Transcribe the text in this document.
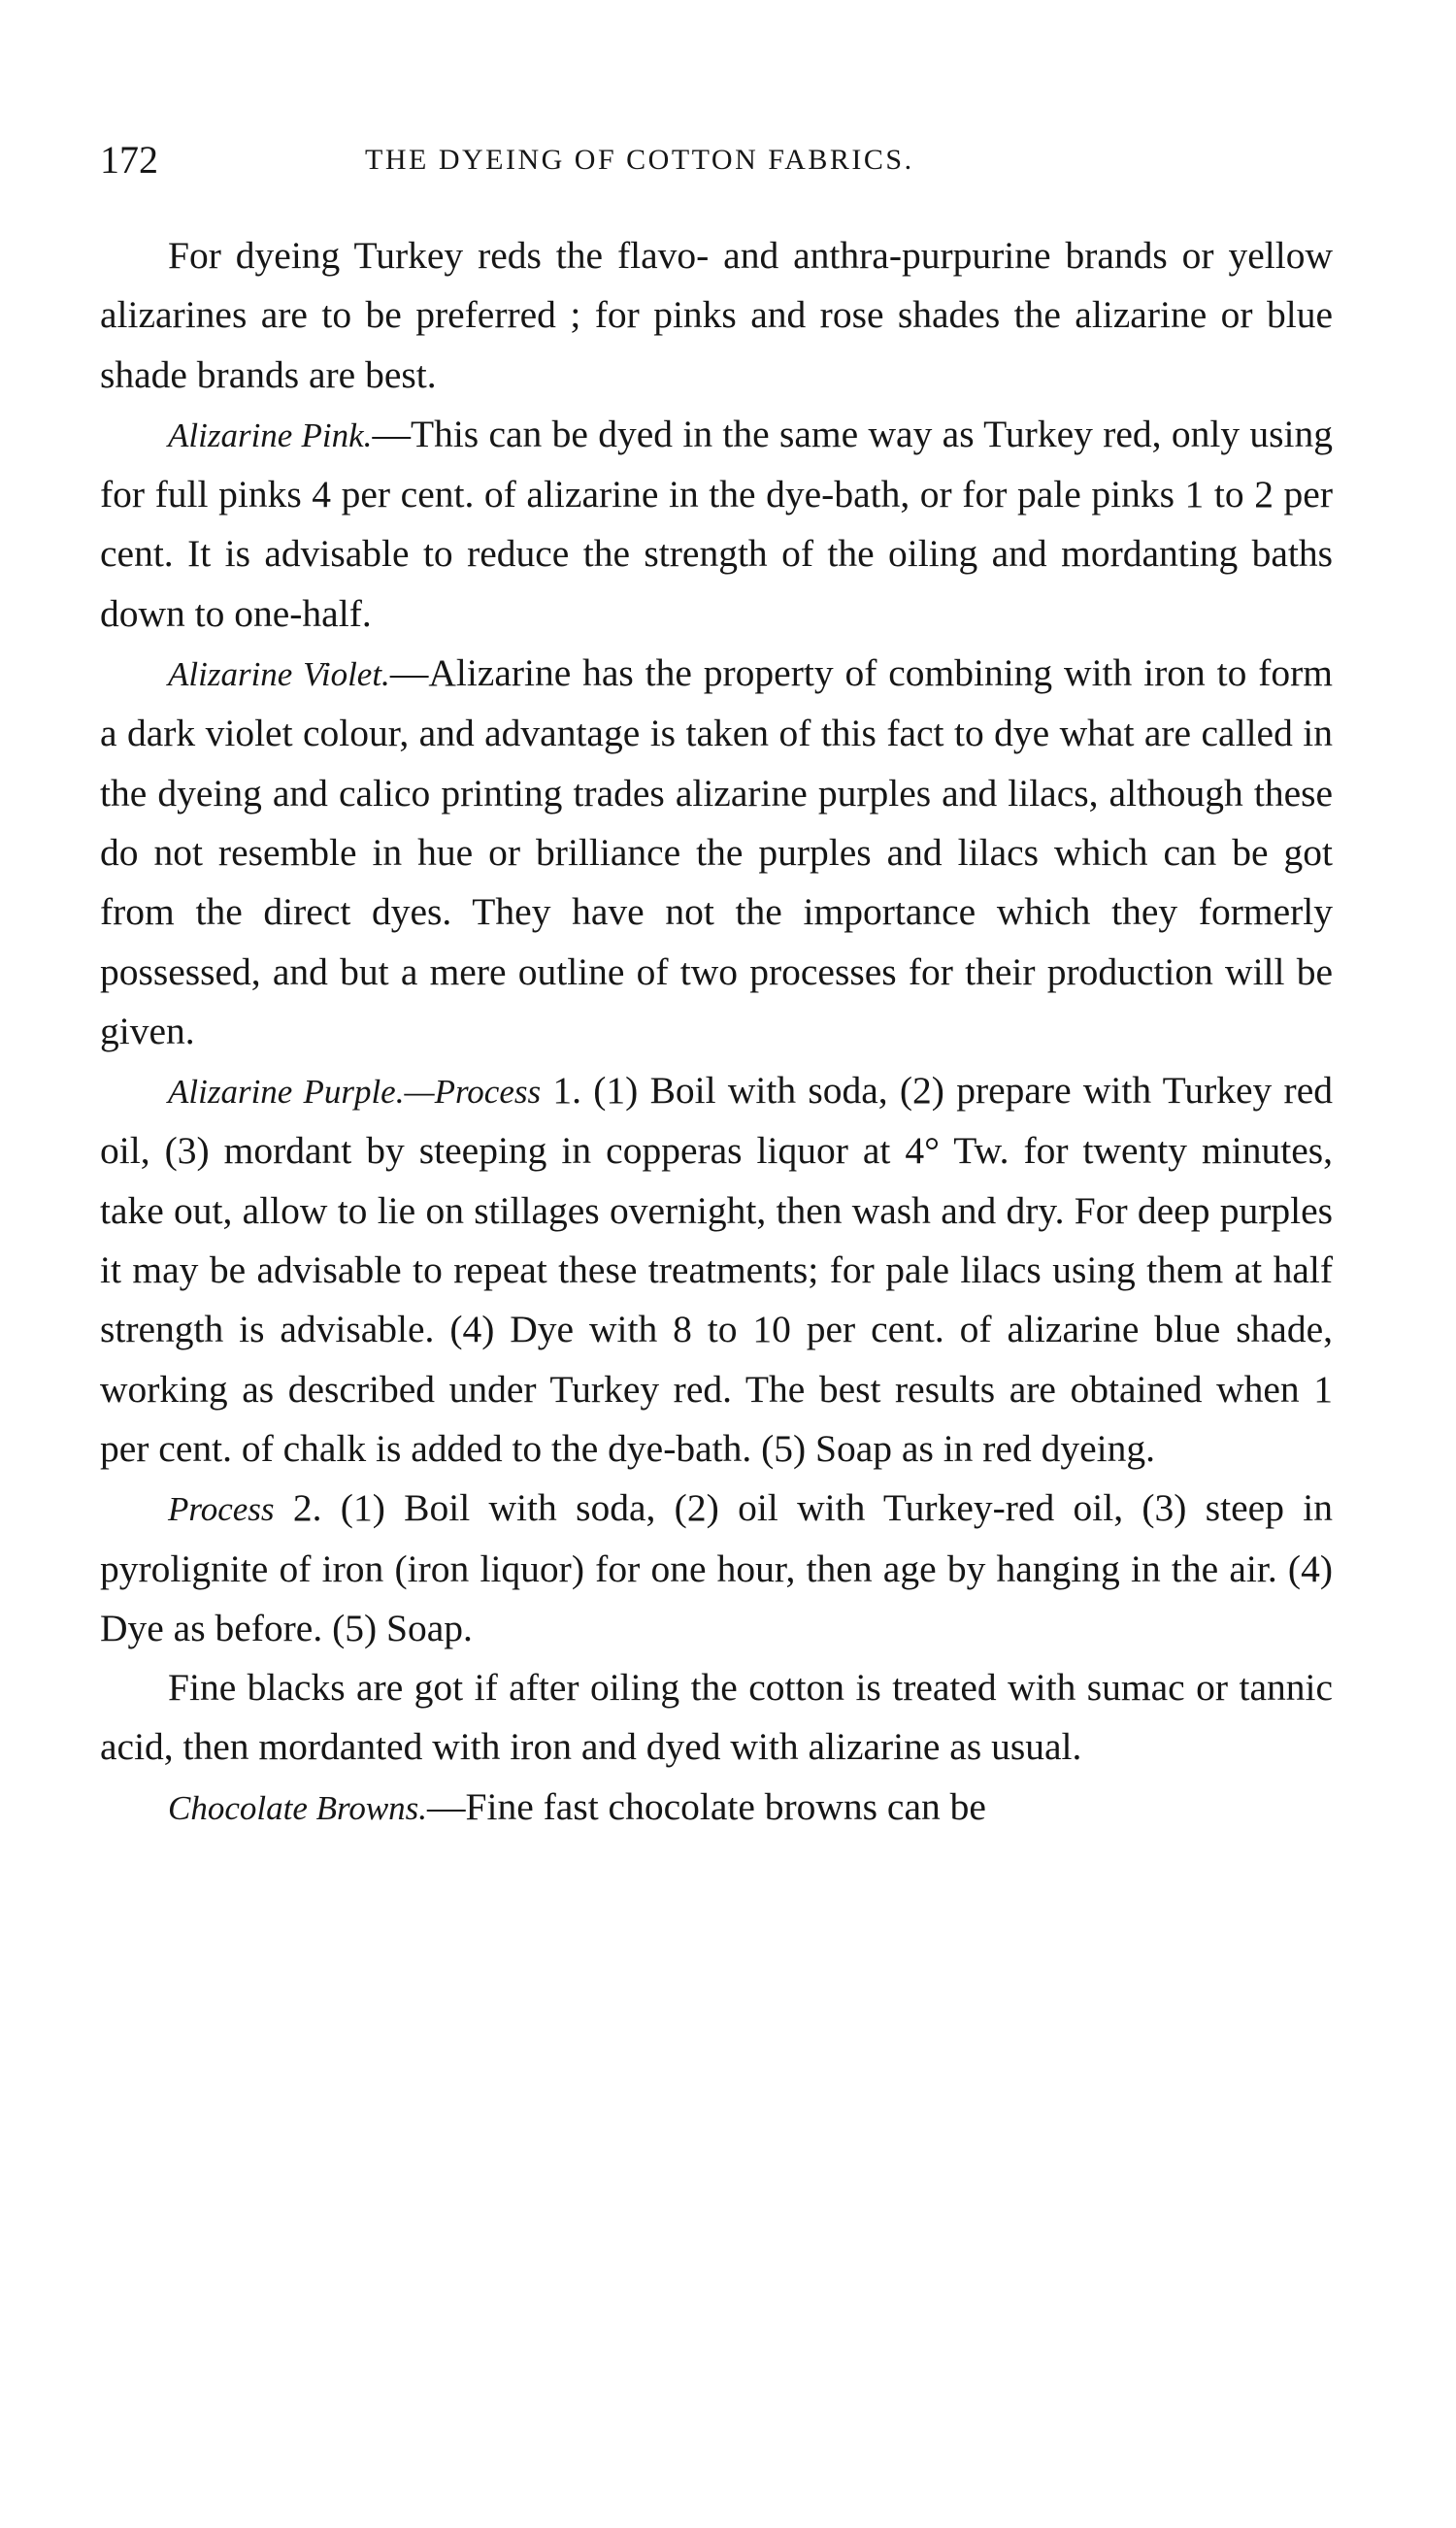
172	THE DYEING OF COTTON FABRICS.

For dyeing Turkey reds the flavo- and anthra-purpurine brands or yellow alizarines are to be preferred ; for pinks and rose shades the alizarine or blue shade brands are best.

Alizarine Pink.—This can be dyed in the same way as Turkey red, only using for full pinks 4 per cent. of alizarine in the dye-bath, or for pale pinks 1 to 2 per cent. It is advisable to reduce the strength of the oiling and mordanting baths down to one-half.

Alizarine Violet.—Alizarine has the property of combining with iron to form a dark violet colour, and advantage is taken of this fact to dye what are called in the dyeing and calico printing trades alizarine purples and lilacs, although these do not resemble in hue or brilliance the purples and lilacs which can be got from the direct dyes. They have not the importance which they formerly possessed, and but a mere outline of two processes for their production will be given.

Alizarine Purple.—Process 1. (1) Boil with soda, (2) prepare with Turkey red oil, (3) mordant by steeping in copperas liquor at 4° Tw. for twenty minutes, take out, allow to lie on stillages overnight, then wash and dry. For deep purples it may be advisable to repeat these treatments; for pale lilacs using them at half strength is advisable. (4) Dye with 8 to 10 per cent. of alizarine blue shade, working as described under Turkey red. The best results are obtained when 1 per cent. of chalk is added to the dye-bath. (5) Soap as in red dyeing.

Process 2. (1) Boil with soda, (2) oil with Turkey-red oil, (3) steep in pyrolignite of iron (iron liquor) for one hour, then age by hanging in the air. (4) Dye as before. (5) Soap.

Fine blacks are got if after oiling the cotton is treated with sumac or tannic acid, then mordanted with iron and dyed with alizarine as usual.

Chocolate Browns.—Fine fast chocolate browns can be
